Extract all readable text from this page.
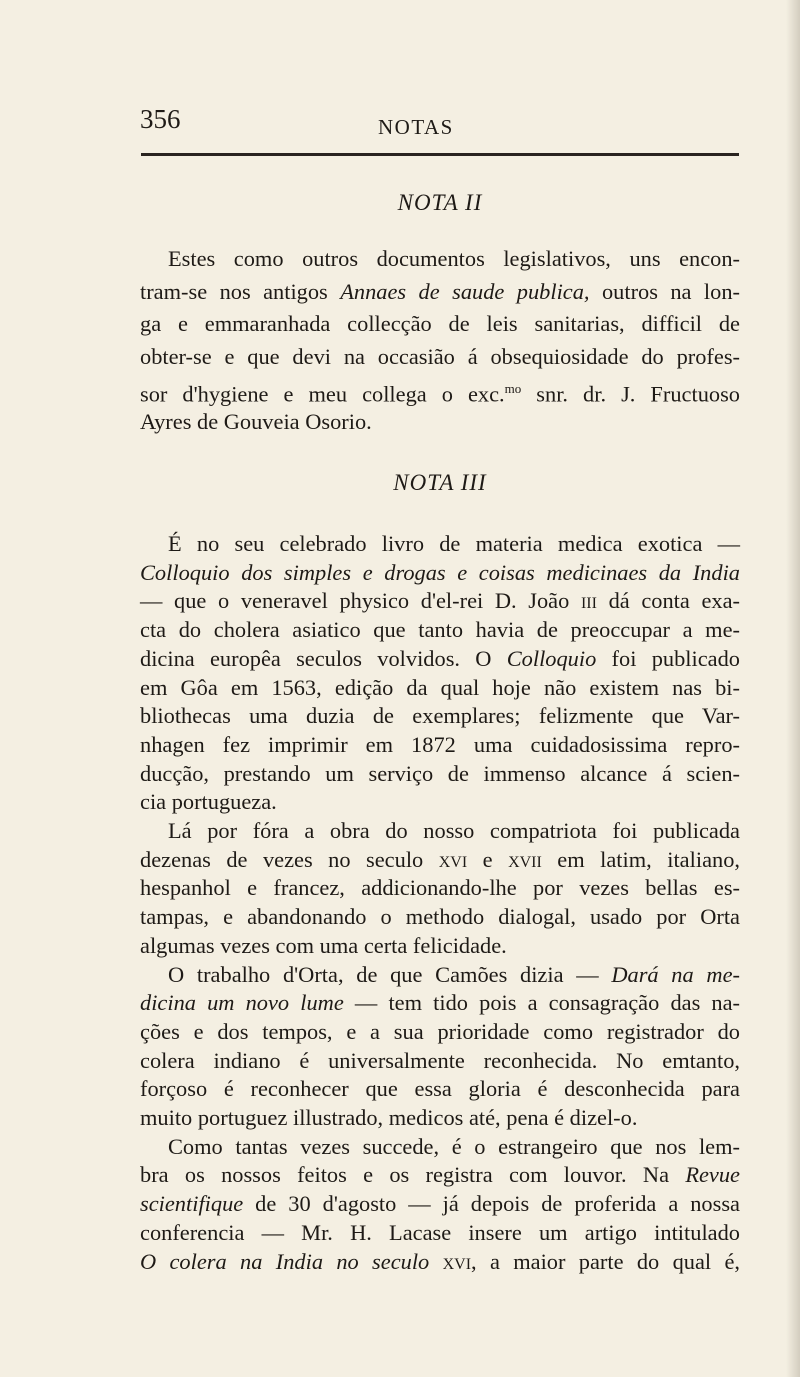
356	NOTAS
NOTA II
Estes como outros documentos legislativos, uns encon-
tram-se nos antigos Annaes de saude publica, outros na lon-
ga e emmaranhada collecção de leis sanitarias, difficil de
obter-se e que devi na occasião á obsequiosidade do profes-
sor d'hygiene e meu collega o exc.$^{mo}$ snr. dr. J. Fructuoso
Ayres de Gouveia Osorio.
NOTA III
É no seu celebrado livro de materia medica exotica —
Colloquio dos simples e drogas e coisas medicinaes da India
— que o veneravel physico d'el-rei D. João iii dá conta exa-
cta do cholera asiatico que tanto havia de preoccupar a me-
dicina europêa seculos volvidos. O Colloquio foi publicado
em Gôa em 1563, edição da qual hoje não existem nas bi-
bliothecas uma duzia de exemplares; felizmente que Var-
nhagen fez imprimir em 1872 uma cuidadosissima repro-
ducção, prestando um serviço de immenso alcance á scien-
cia portugueza.
Lá por fóra a obra do nosso compatriota foi publicada
dezenas de vezes no seculo xvi e xvii em latim, italiano,
hespanhol e francez, addicionando-lhe por vezes bellas es-
tampas, e abandonando o methodo dialogal, usado por Orta
algumas vezes com uma certa felicidade.
O trabalho d'Orta, de que Camões dizia — Dará na me-
dicina um novo lume — tem tido pois a consagração das na-
ções e dos tempos, e a sua prioridade como registrador do
colera indiano é universalmente reconhecida. No emtanto,
forçoso é reconhecer que essa gloria é desconhecida para
muito portuguez illustrado, medicos até, pena é dizel-o.
Como tantas vezes succede, é o estrangeiro que nos lem-
bra os nossos feitos e os registra com louvor. Na Revue
scientifique de 30 d'agosto — já depois de proferida a nossa
conferencia — Mr. H. Lacase insere um artigo intitulado
O colera na India no seculo xvi, a maior parte do qual é,
